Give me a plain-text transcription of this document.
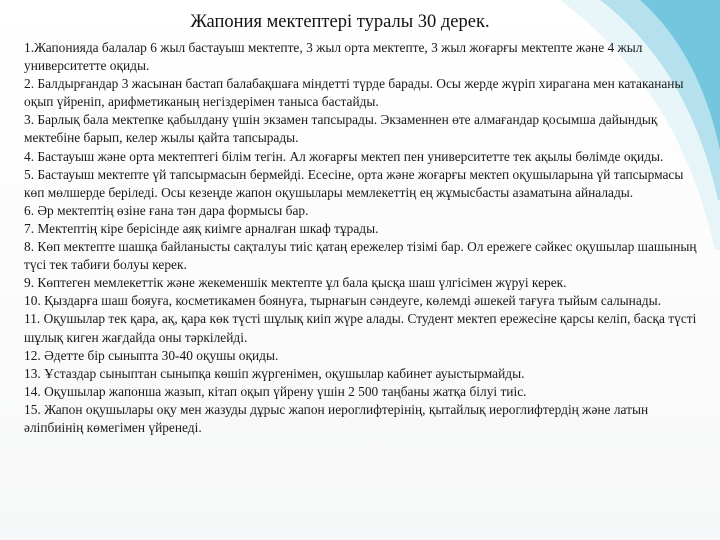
Жапония мектептері туралы 30 дерек.

1.Жапонияда балалар 6 жыл бастауыш мектепте, 3 жыл орта мектепте, 3 жыл жоғарғы мектепте және 4 жыл университетте оқиды.

2. Балдырғандар 3 жасынан бастап балабақшаға міндетті түрде барады. Осы жерде жүріп хирагана мен катакананы оқып үйреніп, арифметиканың негіздерімен таныса бастайды.

3. Барлық бала мектепке қабылдану үшін экзамен тапсырады. Экзаменнен өте алмағандар қосымша дайындық мектебіне барып, келер жылы қайта тапсырады.

4. Бастауыш және орта мектептегі білім тегін. Ал жоғарғы мектеп пен университетте тек ақылы бөлімде оқиды.

5. Бастауыш мектепте үй тапсырмасын бермейді. Есесіне, орта және жоғарғы мектеп оқушыларына үй тапсырмасы көп мөлшерде беріледі. Осы кезеңде жапон оқушылары мемлекеттің ең жұмысбасты азаматына айналады.

6. Әр мектептің өзіне ғана тән дара формысы бар.

7. Мектептің кіре берісінде аяқ киімге арналған шкаф тұрады.

8. Көп мектепте шашқа байланысты сақталуы тиіс қатаң ережелер тізімі бар. Ол ережеге сәйкес оқушылар шашының түсі тек табиғи болуы керек.

9. Көптеген мемлекеттік және жекеменшік мектепте ұл бала қысқа шаш үлгісімен жүруі керек.

10. Қыздарға шаш бояуға, косметикамен боянуға, тырнағын сәндеуге, көлемді әшекей тағуға тыйым салынады.

11. Оқушылар тек қара, ақ, қара көк түсті шұлық киіп жүре алады. Студент мектеп ережесіне қарсы келіп, басқа түсті шұлық киген жағдайда оны тәркілейді.

12. Әдетте бір сыныпта 30-40 оқушы оқиды.

13. Ұстаздар сыныптан сыныпқа көшіп жүргенімен, оқушылар кабинет ауыстырмайды.

14. Оқушылар жапонша жазып, кітап оқып үйрену үшін 2 500 таңбаны жатқа білуі тиіс.

15. Жапон оқушылары оқу мен жазуды дұрыс жапон иероглифтерінің, қытайлық иероглифтердің және латын әліпбиінің көмегімен үйренеді.
